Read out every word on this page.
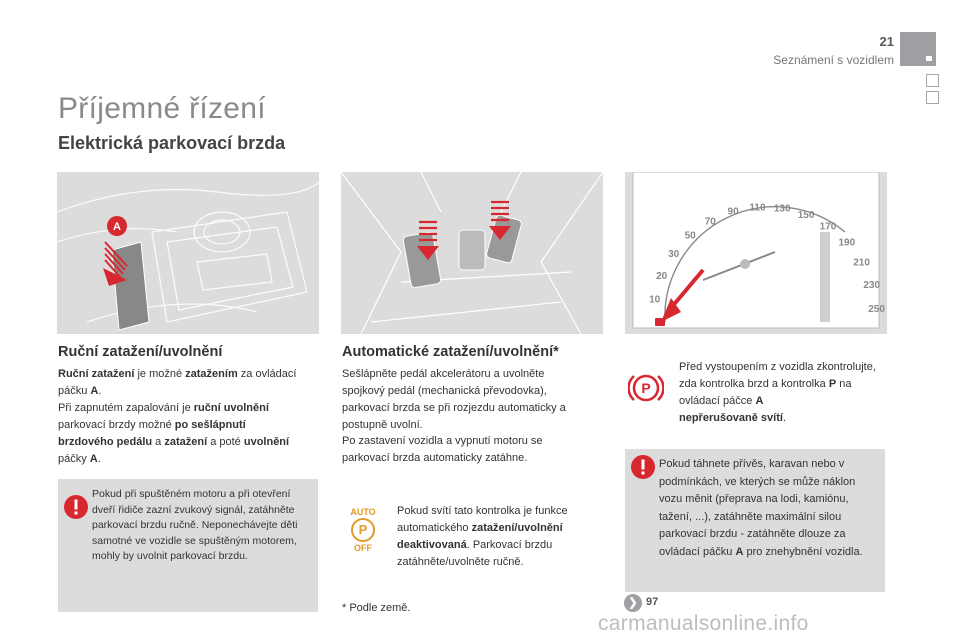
21
Seznámení s vozidlem
Příjemné řízení
Elektrická parkovací brzda
A
10
20
30
50
70
90 110 130
150
170
190
210
230
250
Ruční zatažení/uvolnění
Ruční zatažení je možné zatažením za ovládací páčku A.
Při zapnutém zapalování je ruční uvolnění parkovací brzdy možné po sešlápnutí brzdového pedálu a zatažení a poté uvolnění páčky A.
Pokud při spuštěném motoru a při otevření dveří řidiče zazní zvukový signál, zatáhněte parkovací brzdu ručně. Neponechávejte děti samotné ve vozidle se spuštěným motorem, mohly by uvolnit parkovací brzdu.
Automatické zatažení/uvolnění*
Sešlápněte pedál akcelerátoru a uvolněte spojkový pedál (mechanická převodovka), parkovací brzda se při rozjezdu automaticky a postupně uvolní.
Po zastavení vozidla a vypnutí motoru se parkovací brzda automaticky zatáhne.
AUTO
P
OFF
Pokud svítí tato kontrolka je funkce automatického zatažení/uvolnění deaktivovaná. Parkovací brzdu zatáhněte/uvolněte ručně.
* Podle země.
P
Před vystoupením z vozidla zkontrolujte, zda kontrolka brzd a kontrolka P na ovládací páčce A
nepřerušovaně svítí.
Pokud táhnete přívěs, karavan nebo v podmínkách, ve kterých se může náklon vozu měnit (přeprava na lodi, kamiónu, tažení, ...), zatáhněte maximální silou parkovací brzdu - zatáhněte dlouze za ovládací páčku A pro znehybnění vozidla.
❯ 97
carmanualsonline.info
